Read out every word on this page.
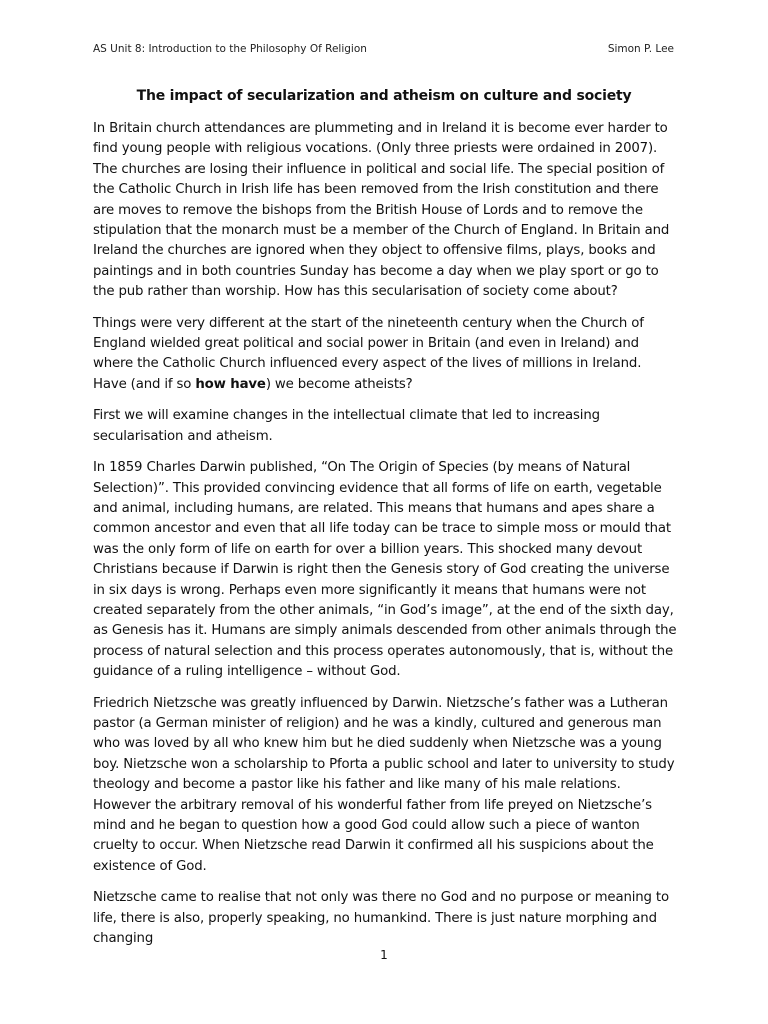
AS Unit 8: Introduction to the Philosophy Of Religion	Simon P. Lee
The impact of secularization and atheism on culture and society

In Britain church attendances are plummeting and in Ireland it is become ever harder to find young people with religious vocations. (Only three priests were ordained in 2007). The churches are losing their influence in political and social life. The special position of the Catholic Church in Irish life has been removed from the Irish constitution and there are moves to remove the bishops from the British House of Lords and to remove the stipulation that the monarch must be a member of the Church of England. In Britain and Ireland the churches are ignored when they object to offensive films, plays, books and paintings and in both countries Sunday has become a day when we play sport or go to the pub rather than worship. How has this secularisation of society come about?

Things were very different at the start of the nineteenth century when the Church of England wielded great political and social power in Britain (and even in Ireland) and where the Catholic Church influenced every aspect of the lives of millions in Ireland. Have (and if so how have) we become atheists?

First we will examine changes in the intellectual climate that led to increasing secularisation and atheism.

In 1859 Charles Darwin published, “On The Origin of Species (by means of Natural Selection)”. This provided convincing evidence that all forms of life on earth, vegetable and animal, including humans, are related. This means that humans and apes share a common ancestor and even that all life today can be trace to simple moss or mould that was the only form of life on earth for over a billion years. This shocked many devout Christians because if Darwin is right then the Genesis story of God creating the universe in six days is wrong. Perhaps even more significantly it means that humans were not created separately from the other animals, “in God’s image”, at the end of the sixth day, as Genesis has it. Humans are simply animals descended from other animals through the process of natural selection and this process operates autonomously, that is, without the guidance of a ruling intelligence – without God.

Friedrich Nietzsche was greatly influenced by Darwin. Nietzsche’s father was a Lutheran pastor (a German minister of religion) and he was a kindly, cultured and generous man who was loved by all who knew him but he died suddenly when Nietzsche was a young boy. Nietzsche won a scholarship to Pforta a public school and later to university to study theology and become a pastor like his father and like many of his male relations. However the arbitrary removal of his wonderful father from life preyed on Nietzsche’s mind and he began to question how a good God could allow such a piece of wanton cruelty to occur. When Nietzsche read Darwin it confirmed all his suspicions about the existence of God.

Nietzsche came to realise that not only was there no God and no purpose or meaning to life, there is also, properly speaking, no humankind. There is just nature morphing and changing

1
